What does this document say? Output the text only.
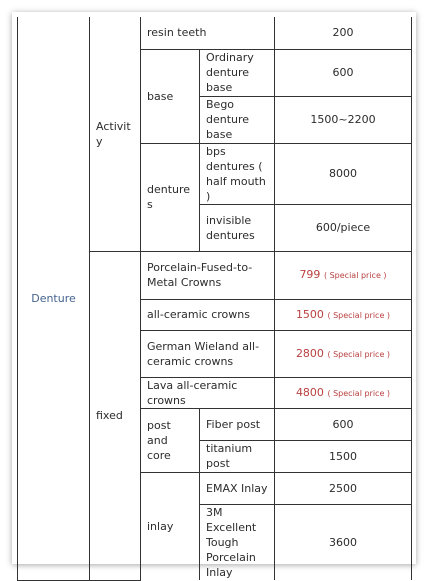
Denture	Activity	resin teeth		200
		base	Ordinary denture base	600
			Bego denture base	1500~2200
		dentures	bps dentures ( half mouth )	8000
			invisible dentures	600/piece

	fixed	Porcelain-Fused-to-Metal Crowns		799 ( Special price )
		all-ceramic crowns		1500 ( Special price )
		German Wieland all-ceramic crowns		2800 ( Special price )
		Lava all-ceramic crowns		4800 ( Special price )
		post and core	Fiber post	600
			titanium post	1500
		inlay	EMAX Inlay	2500
			3M Excellent Tough Porcelain Inlay	3600
